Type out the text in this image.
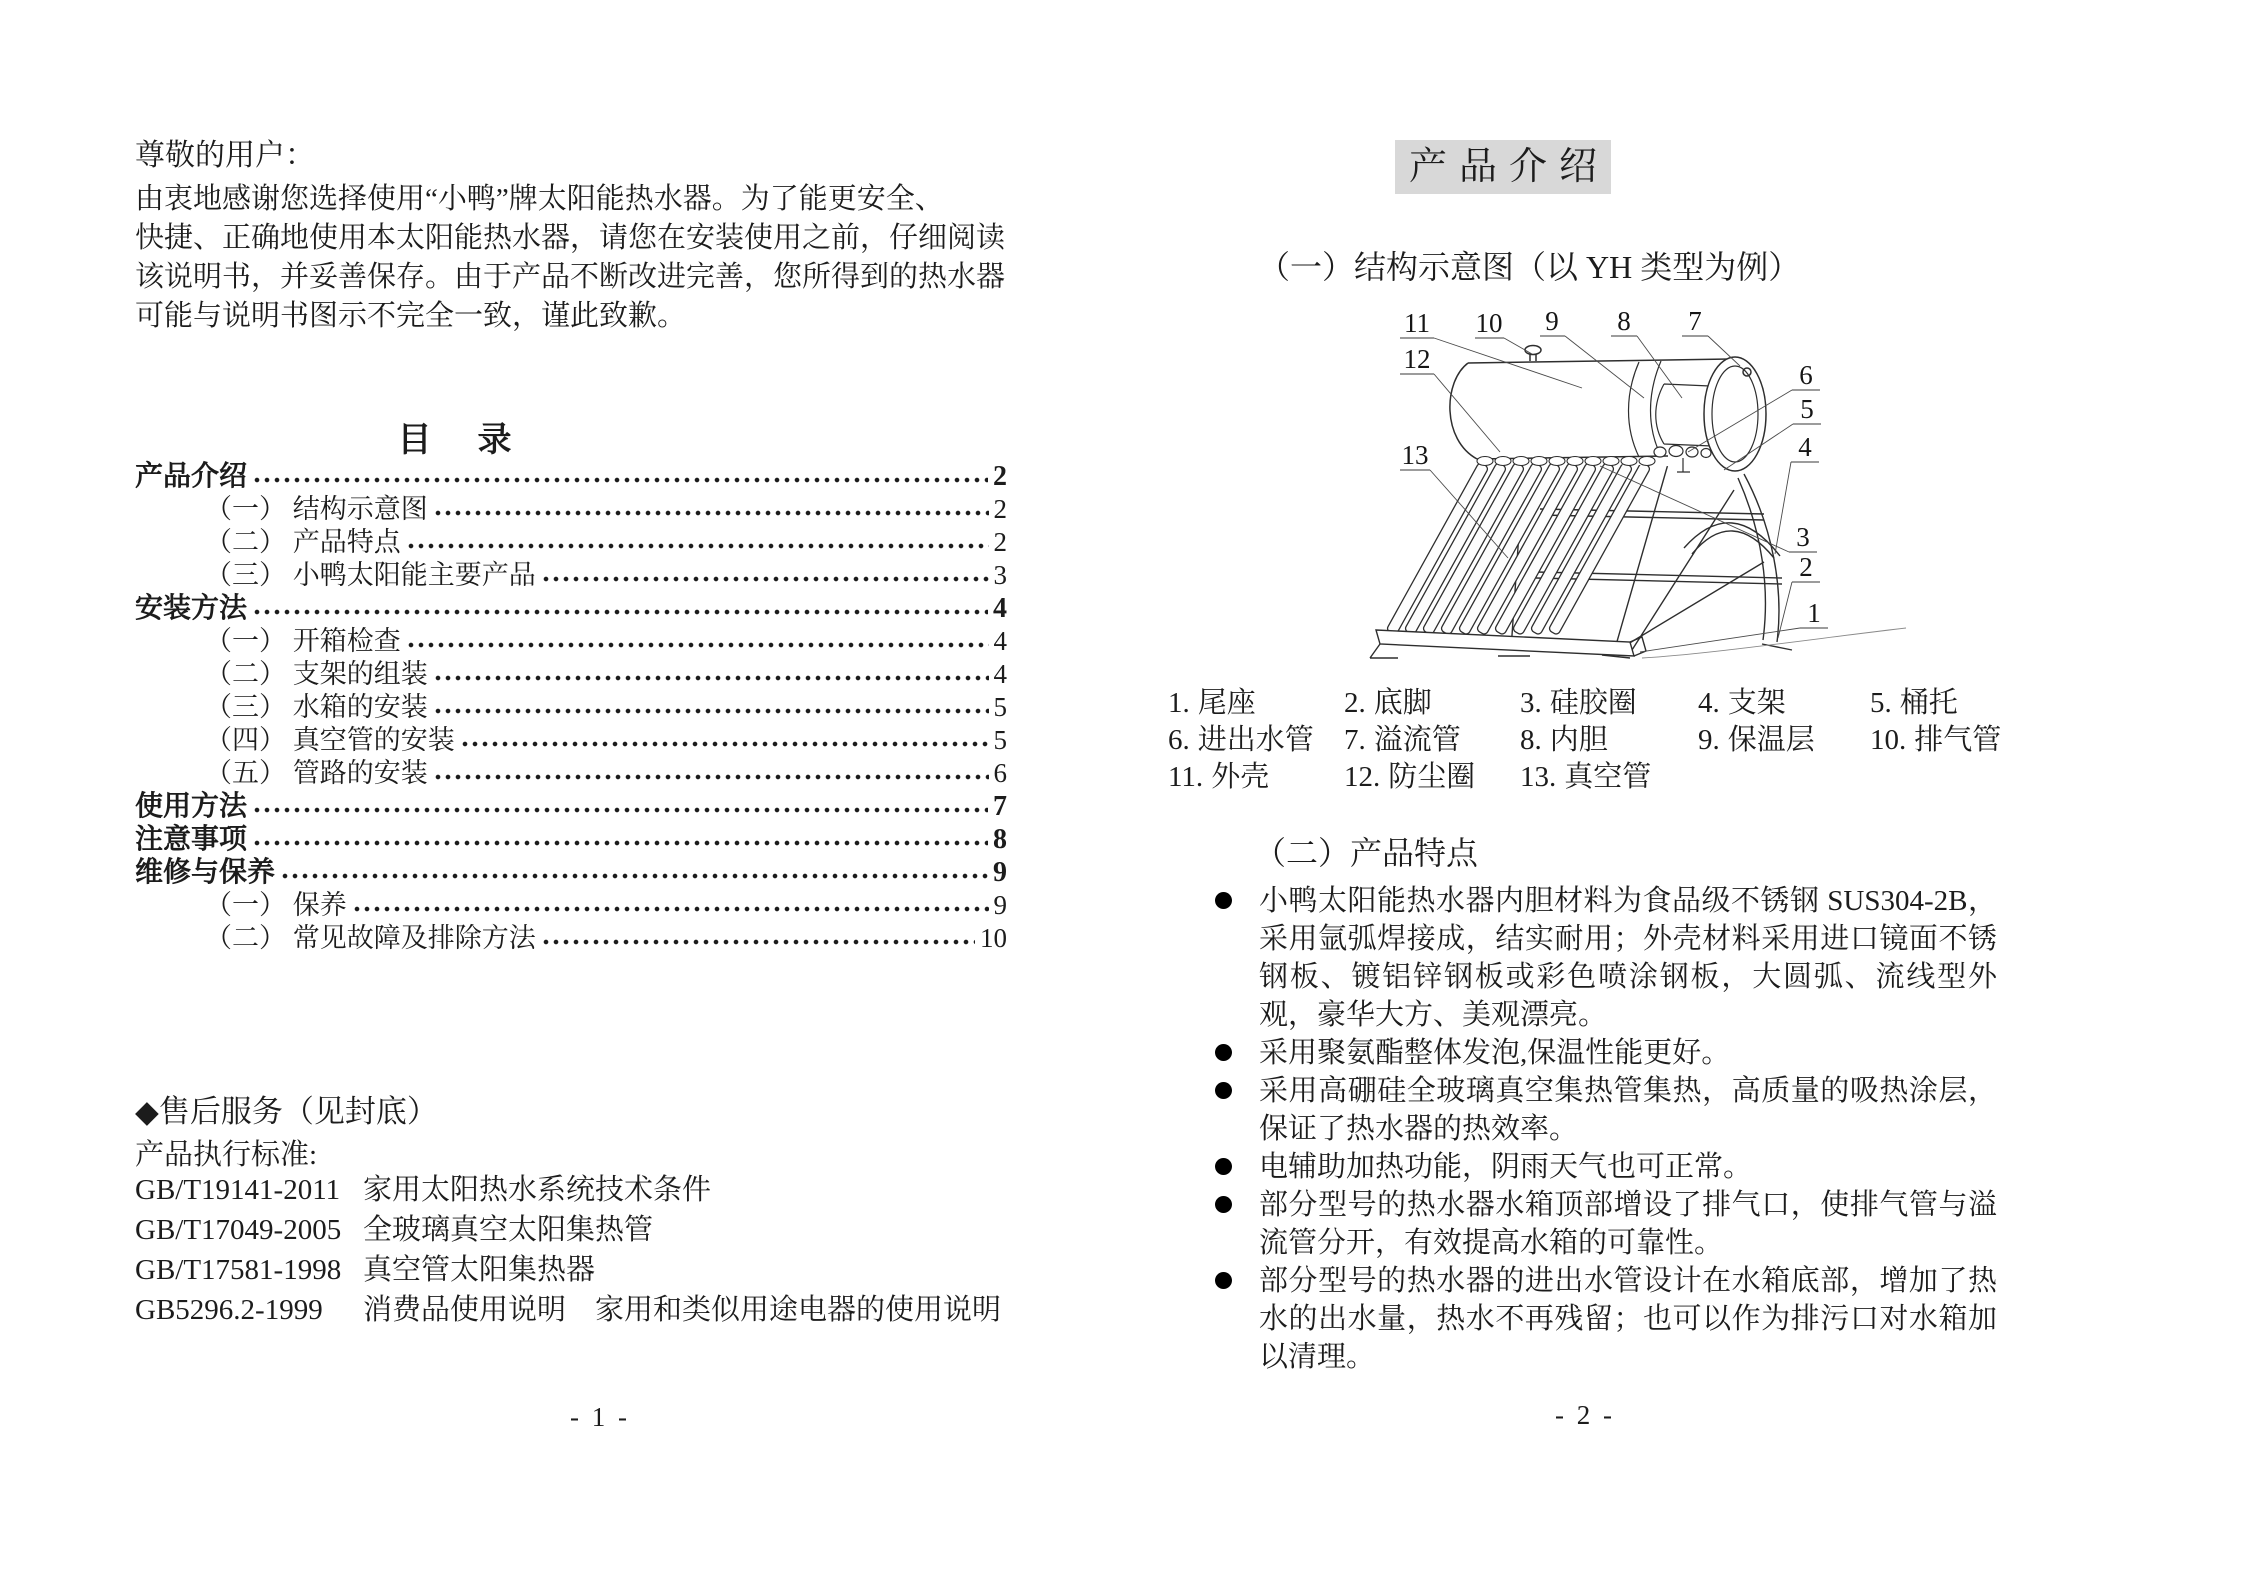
尊敬的用户：
由衷地感谢您选择使用“小鸭”牌太阳能热水器。为了能更安全、
快捷、正确地使用本太阳能热水器，请您在安装使用之前，仔细阅读
该说明书，并妥善保存。由于产品不断改进完善，您所得到的热水器
可能与说明书图示不完全一致，谨此致歉。
目　录
产品介绍	2
（一） 结构示意图	2
（二） 产品特点	2
（三） 小鸭太阳能主要产品	3
安装方法	4
（一） 开箱检查	4
（二） 支架的组装	4
（三） 水箱的安装	5
（四） 真空管的安装	5
（五） 管路的安装	6
使用方法	7
注意事项	8
维修与保养	9
（一） 保养	9
（二） 常见故障及排除方法	10
◆售后服务（见封底）
产品执行标准:
GB/T19141-2011 家用太阳热水系统技术条件
GB/T17049-2005 全玻璃真空太阳集热管
GB/T17581-1998 真空管太阳集热器
GB5296.2-1999	消费品使用说明　家用和类似用途电器的使用说明
- 1 -
产品介绍
（一）结构示意图（以 YH 类型为例）
11
12
10 9 8 7
6
5
4
3
2
1
13
1. 尾座	2. 底脚	3. 硅胶圈	4. 支架	5. 桶托
6. 进出水管	7. 溢流管	8. 内胆	9. 保温层	10. 排气管
11. 外壳	12. 防尘圈	13. 真空管
（二）产品特点
小鸭太阳能热水器内胆材料为食品级不锈钢 SUS304-2B，采用氩弧焊接成，结实耐用；外壳材料采用进口镜面不锈钢板、镀铝锌钢板或彩色喷涂钢板，大圆弧、流线型外观，豪华大方、美观漂亮。
采用聚氨酯整体发泡,保温性能更好。
采用高硼硅全玻璃真空集热管集热，高质量的吸热涂层，保证了热水器的热效率。
电辅助加热功能，阴雨天气也可正常。
部分型号的热水器水箱顶部增设了排气口，使排气管与溢流管分开，有效提高水箱的可靠性。
部分型号的热水器的进出水管设计在水箱底部，增加了热水的出水量，热水不再残留；也可以作为排污口对水箱加以清理。
- 2 -
